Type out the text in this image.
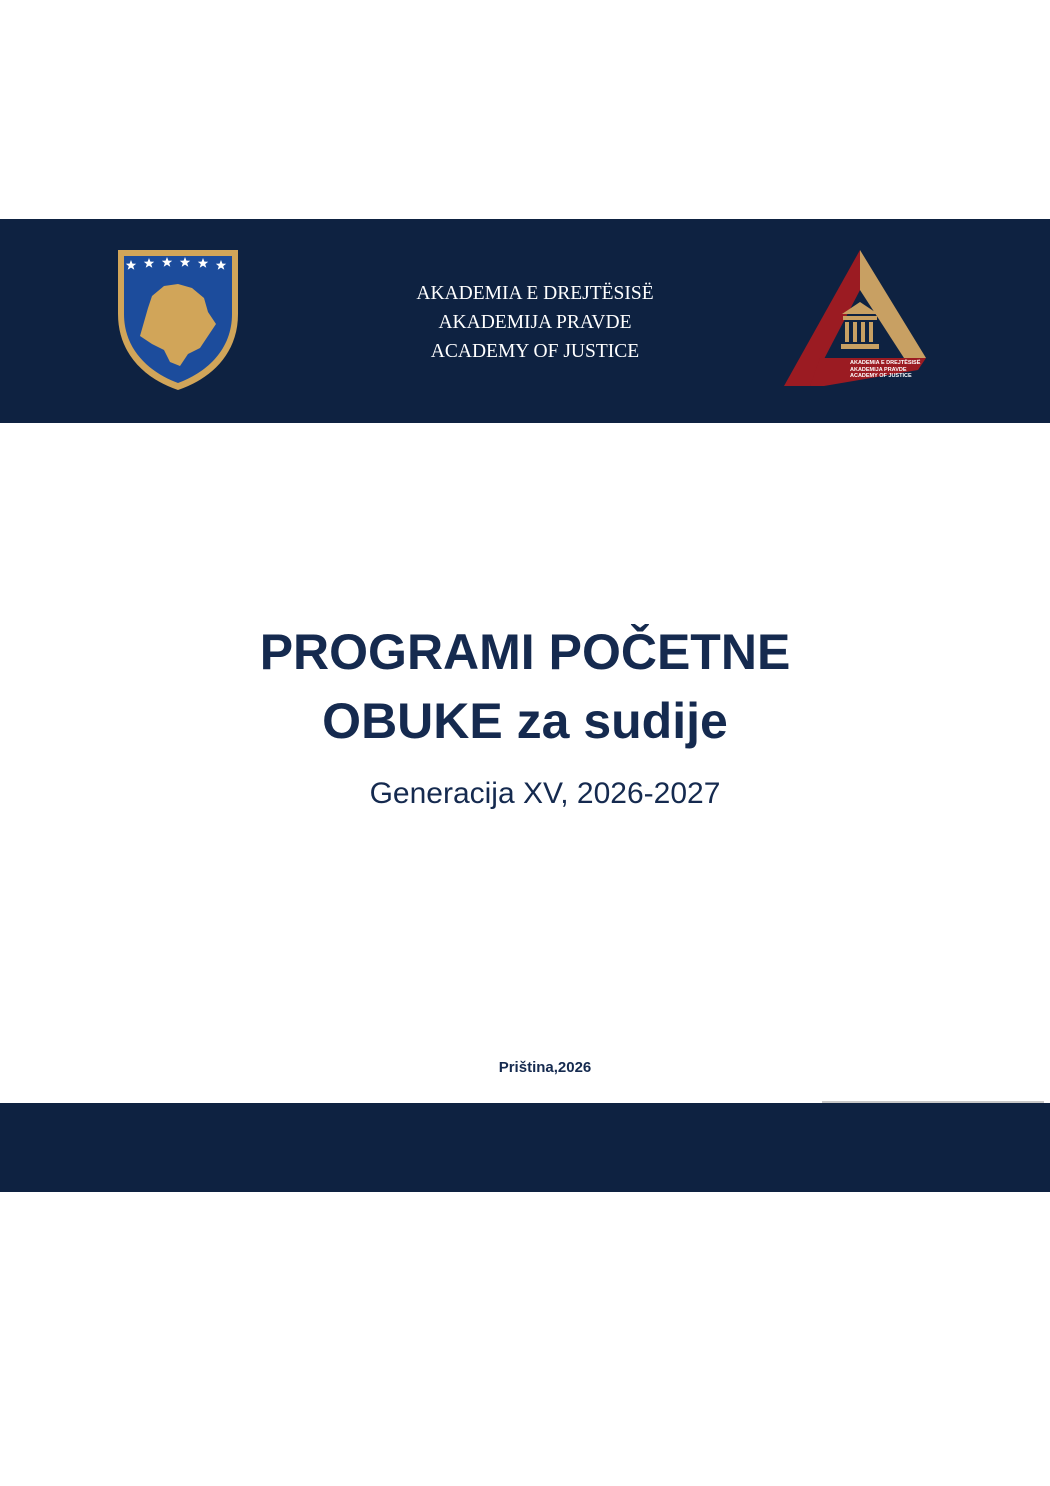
AKADEMIA E DREJTËSISË
AKADEMIJA PRAVDE
ACADEMY OF JUSTICE
AKADEMIA E DREJTËSISË
AKADEMIJA PRAVDE
ACADEMY OF JUSTICE
PROGRAMI POČETNE
OBUKE za sudije
Generacija XV, 2026-2027
Priština,2026
